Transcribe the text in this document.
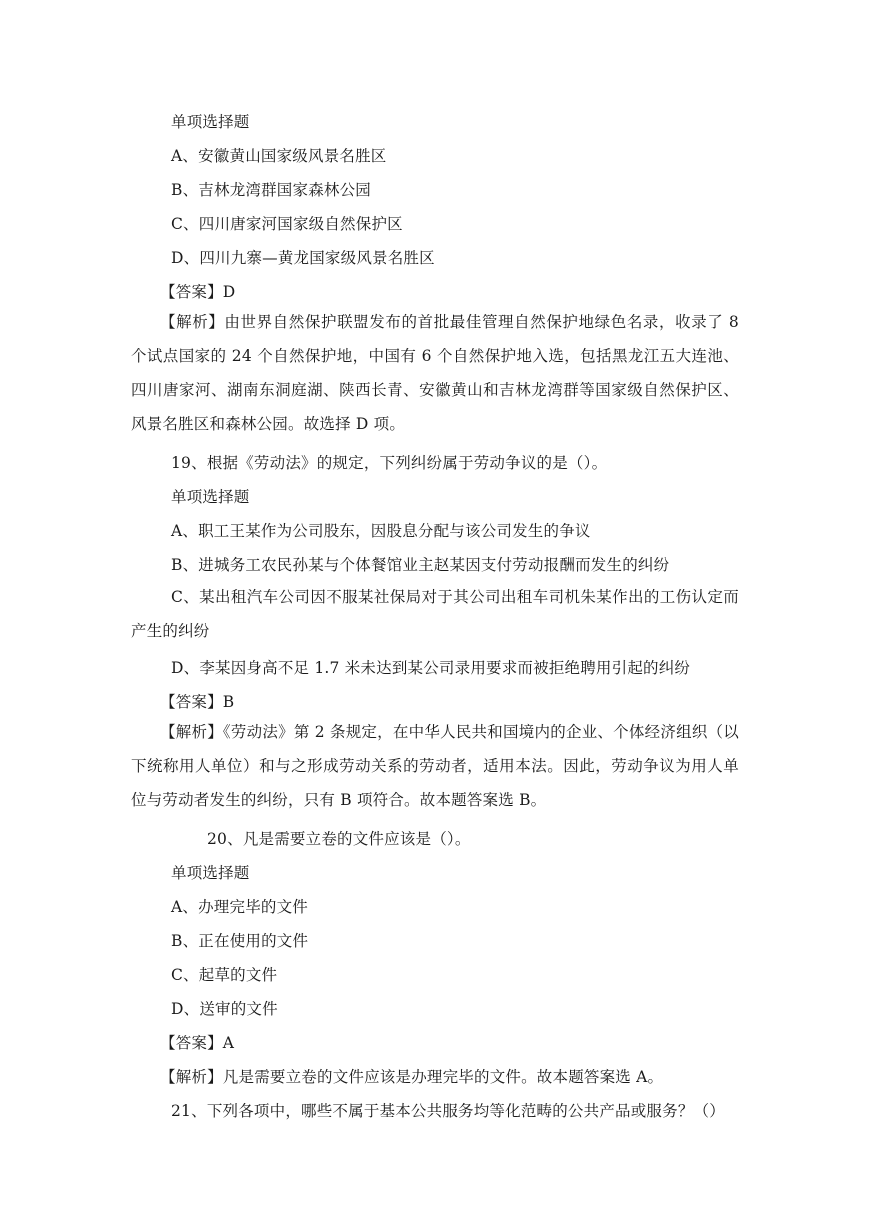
单项选择题
A、安徽黄山国家级风景名胜区
B、吉林龙湾群国家森林公园
C、四川唐家河国家级自然保护区
D、四川九寨—黄龙国家级风景名胜区
【答案】D
【解析】由世界自然保护联盟发布的首批最佳管理自然保护地绿色名录，收录了 8 个试点国家的 24 个自然保护地，中国有 6 个自然保护地入选，包括黑龙江五大连池、四川唐家河、湖南东洞庭湖、陕西长青、安徽黄山和吉林龙湾群等国家级自然保护区、风景名胜区和森林公园。故选择 D 项。
19、根据《劳动法》的规定，下列纠纷属于劳动争议的是（）。
单项选择题
A、职工王某作为公司股东，因股息分配与该公司发生的争议
B、进城务工农民孙某与个体餐馆业主赵某因支付劳动报酬而发生的纠纷
C、某出租汽车公司因不服某社保局对于其公司出租车司机朱某作出的工伤认定而产生的纠纷
D、李某因身高不足 1.7 米未达到某公司录用要求而被拒绝聘用引起的纠纷
【答案】B
【解析】《劳动法》第 2 条规定，在中华人民共和国境内的企业、个体经济组织（以下统称用人单位）和与之形成劳动关系的劳动者，适用本法。因此，劳动争议为用人单位与劳动者发生的纠纷，只有 B 项符合。故本题答案选 B。
20、凡是需要立卷的文件应该是（）。
单项选择题
A、办理完毕的文件
B、正在使用的文件
C、起草的文件
D、送审的文件
【答案】A
【解析】凡是需要立卷的文件应该是办理完毕的文件。故本题答案选 A。
21、下列各项中，哪些不属于基本公共服务均等化范畴的公共产品或服务？（）
